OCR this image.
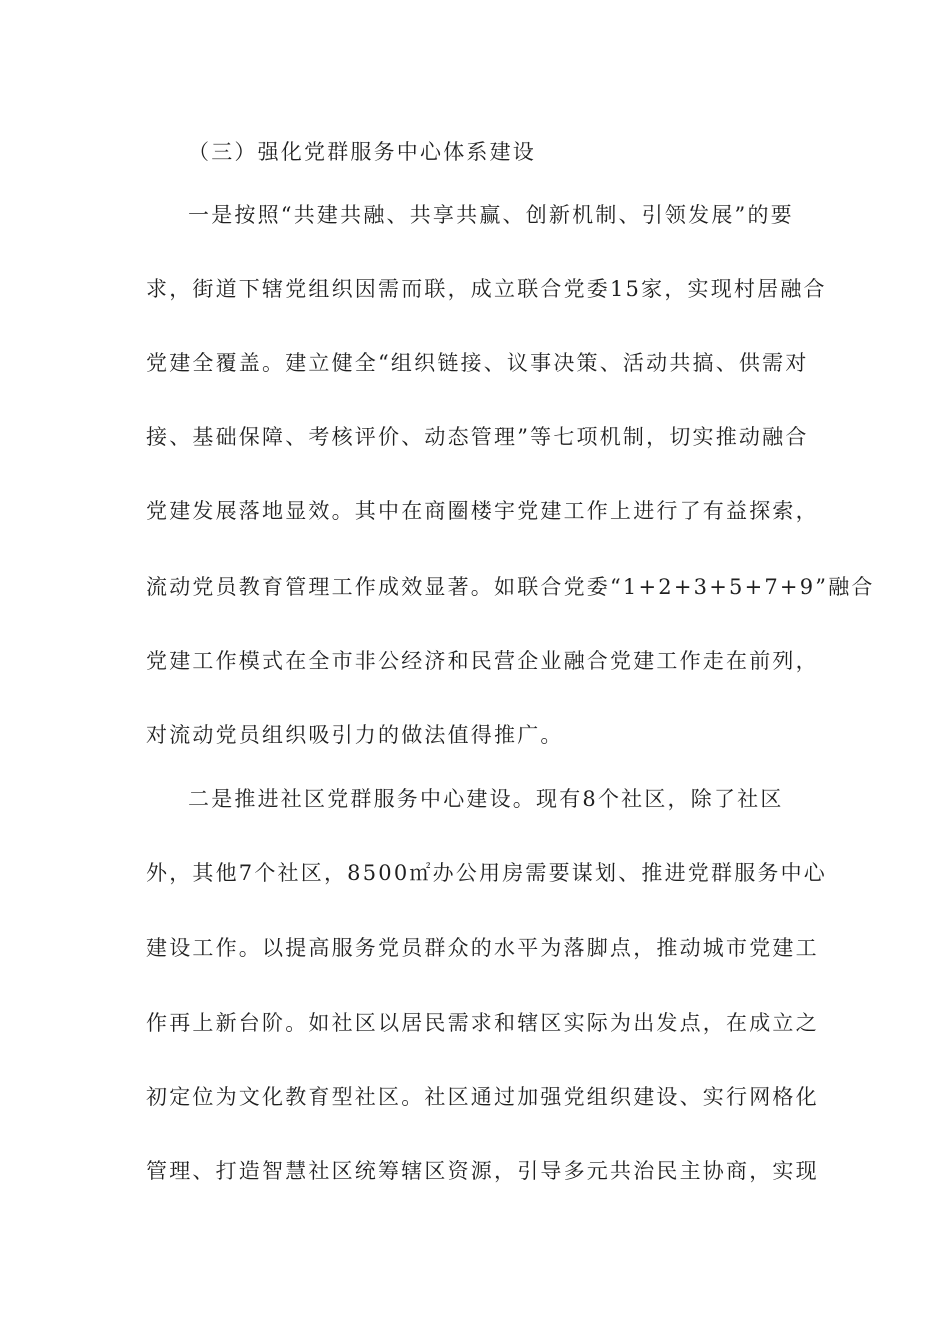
（三）强化党群服务中心体系建设
一是按照“共建共融、共享共赢、创新机制、引领发展”的要
求，街道下辖党组织因需而联，成立联合党委15家，实现村居融合
党建全覆盖。建立健全“组织链接、议事决策、活动共搞、供需对
接、基础保障、考核评价、动态管理”等七项机制，切实推动融合
党建发展落地显效。其中在商圈楼宇党建工作上进行了有益探索，
流动党员教育管理工作成效显著。如联合党委“1+2+3+5+7+9”融合
党建工作模式在全市非公经济和民营企业融合党建工作走在前列，
对流动党员组织吸引力的做法值得推广。
二是推进社区党群服务中心建设。现有8个社区，除了社区
外，其他7个社区，8500㎡办公用房需要谋划、推进党群服务中心
建设工作。以提高服务党员群众的水平为落脚点，推动城市党建工
作再上新台阶。如社区以居民需求和辖区实际为出发点，在成立之
初定位为文化教育型社区。社区通过加强党组织建设、实行网格化
管理、打造智慧社区统筹辖区资源，引导多元共治民主协商，实现
